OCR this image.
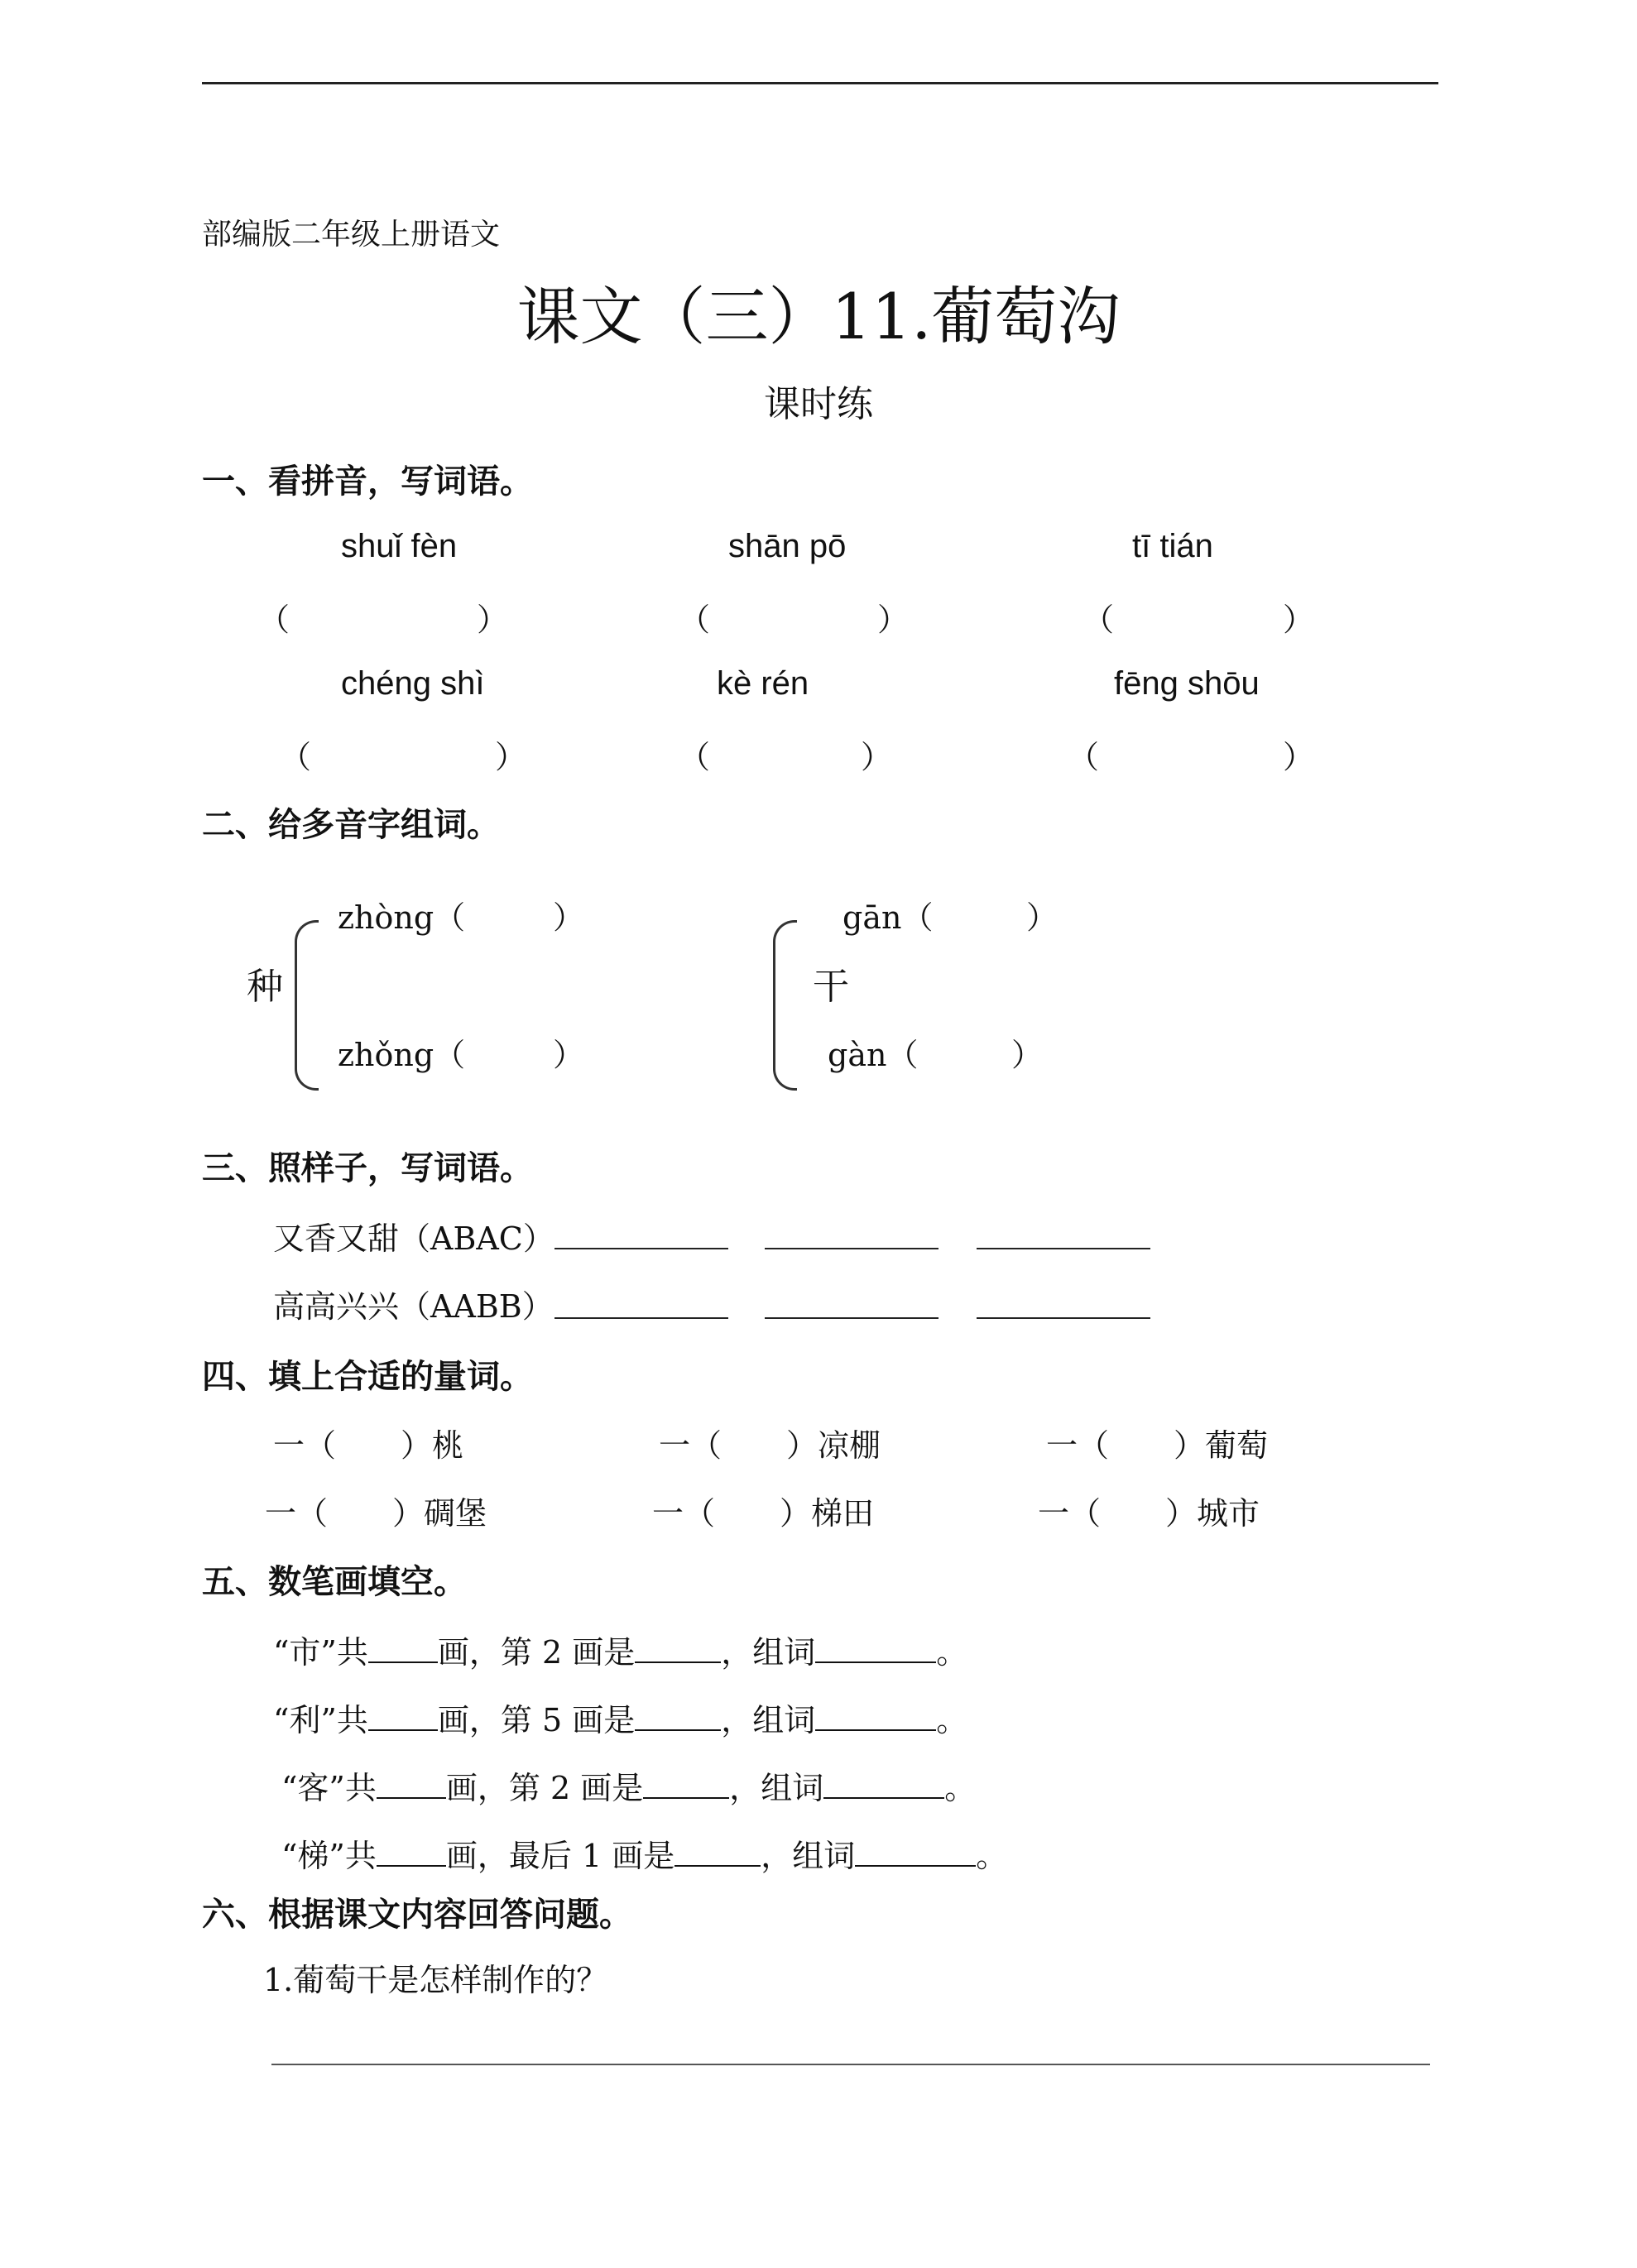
部编版二年级上册语文
课文（三）11.葡萄沟
课时练
一、看拼音，写词语。
shuǐ fèn	shān pō	tī tián
（	）	（	）	（	）
chéng shì	kè rén	fēng shōu
（	）	（	）	（	）
二、给多音字组词。
种
zhòng（	）
zhǒng（	）
干
gān（	）
gàn（	）
三、照样子，写词语。
又香又甜（ABAC）
高高兴兴（AABB）
四、填上合适的量词。
一（ ）桃	一（ ）凉棚	一（ ）葡萄
一（ ）碉堡	一（ ）梯田	一（ ）城市
五、数笔画填空。
“市”共 画，第 2 画是	，组词	。
“利”共 画，第 5 画是	，组词	。
“客”共 画，第 2 画是	，组词	。
“梯”共 画，最后 1 画是	，组词	。
六、根据课文内容回答问题。
1.葡萄干是怎样制作的？
